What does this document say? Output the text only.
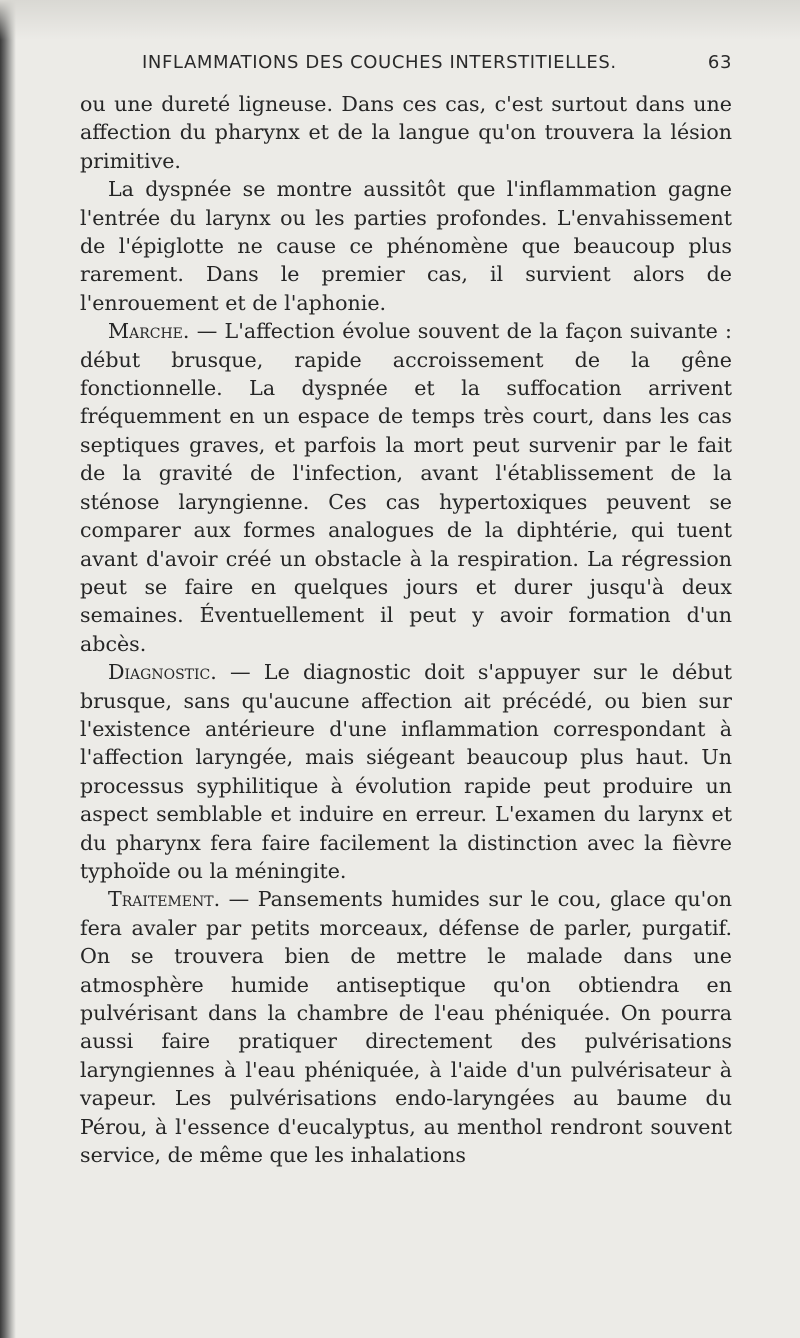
INFLAMMATIONS DES COUCHES INTERSTITIELLES.	63

ou une dureté ligneuse. Dans ces cas, c'est surtout dans une affection du pharynx et de la langue qu'on trouvera la lésion primitive.

La dyspnée se montre aussitôt que l'inflammation gagne l'entrée du larynx ou les parties profondes. L'envahissement de l'épiglotte ne cause ce phénomène que beaucoup plus rarement. Dans le premier cas, il survient alors de l'enrouement et de l'aphonie.

Marche. — L'affection évolue souvent de la façon suivante : début brusque, rapide accroissement de la gêne fonctionnelle. La dyspnée et la suffocation arrivent fréquemment en un espace de temps très court, dans les cas septiques graves, et parfois la mort peut survenir par le fait de la gravité de l'infection, avant l'établissement de la sténose laryngienne. Ces cas hypertoxiques peuvent se comparer aux formes analogues de la diphtérie, qui tuent avant d'avoir créé un obstacle à la respiration. La régression peut se faire en quelques jours et durer jusqu'à deux semaines. Éventuellement il peut y avoir formation d'un abcès.

Diagnostic. — Le diagnostic doit s'appuyer sur le début brusque, sans qu'aucune affection ait précédé, ou bien sur l'existence antérieure d'une inflammation correspondant à l'affection laryngée, mais siégeant beaucoup plus haut. Un processus syphilitique à évolution rapide peut produire un aspect semblable et induire en erreur. L'examen du larynx et du pharynx fera faire facilement la distinction avec la fièvre typhoïde ou la méningite.

Traitement. — Pansements humides sur le cou, glace qu'on fera avaler par petits morceaux, défense de parler, purgatif. On se trouvera bien de mettre le malade dans une atmosphère humide antiseptique qu'on obtiendra en pulvérisant dans la chambre de l'eau phéniquée. On pourra aussi faire pratiquer directement des pulvérisations laryngiennes à l'eau phéniquée, à l'aide d'un pulvérisateur à vapeur. Les pulvérisations endo-laryngées au baume du Pérou, à l'essence d'eucalyptus, au menthol rendront souvent service, de même que les inhalations
